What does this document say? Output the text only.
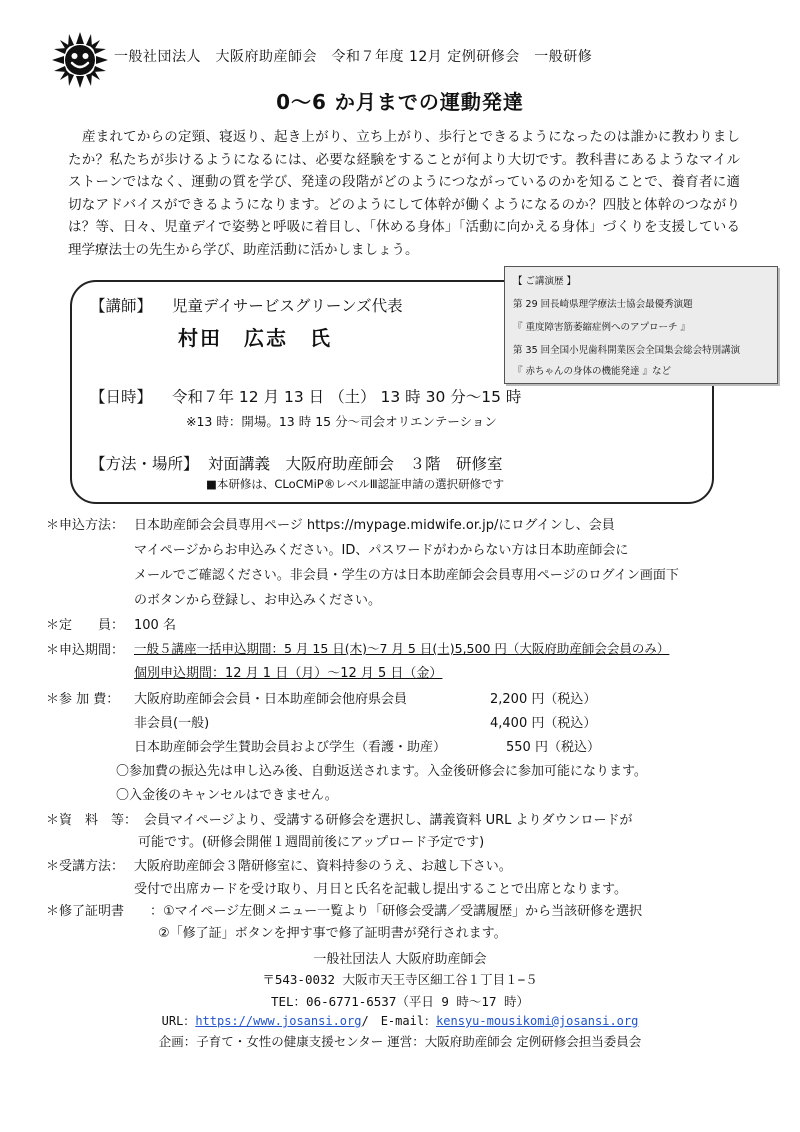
一般社団法人　大阪府助産師会　令和７年度 12月 定例研修会　一般研修
0〜6 か月までの運動発達

産まれてからの定頸、寝返り、起き上がり、立ち上がり、歩行とできるようになったのは誰かに教わりましたか？私たちが歩けるようになるには、必要な経験をすることが何より大切です。教科書にあるようなマイルストーンではなく、運動の質を学び、発達の段階がどのようにつながっているのかを知ることで、養育者に適切なアドバイスができるようになります。どのようにして体幹が働くようになるのか？四肢と体幹のつながりは？等、日々、児童デイで姿勢と呼吸に着目し、「休める身体」「活動に向かえる身体」づくりを支援している理学療法士の先生から学び、助産活動に活かしましょう。

【講師】 児童デイサービスグリーンズ代表
村田　広志　氏
【日時】 令和７年 12 月 13 日 （土） 13 時 30 分〜15 時
※13 時：開場。13 時 15 分〜司会オリエンテーション
【方法・場所】 対面講義　大阪府助産師会　３階　研修室
■本研修は、CLoCMiP®レベルⅢ認証申請の選択研修です
【 ご講演歴 】
第 29 回長崎県理学療法士協会最優秀演題
『 重度障害筋萎縮症例へのアプローチ 』
第 35 回全国小児歯科開業医会全国集会総会特別講演
『 赤ちゃんの身体の機能発達 』など
＊申込方法： 日本助産師会会員専用ページ https://mypage.midwife.or.jp/にログインし、会員
マイページからお申込みください。ID、パスワードがわからない方は日本助産師会に
メールでご確認ください。非会員・学生の方は日本助産師会会員専用ページのログイン画面下
のボタンから登録し、お申込みください。
＊定　　員： 100 名
＊申込期間： 一般５講座一括申込期間：5 月 15 日(木)〜7 月 5 日(土)5,500 円（大阪府助産師会会員のみ）
個別申込期間：12 月 1 日（月）〜12 月 5 日（金）
＊参 加 費： 大阪府助産師会会員・日本助産師会他府県会員	2,200 円（税込）
非会員(一般)	4,400 円（税込）
日本助産師会学生賛助会員および学生（看護・助産）	550 円（税込）
〇参加費の振込先は申し込み後、自動返送されます。入金後研修会に参加可能になります。
〇入金後のキャンセルはできません。
＊資　料　等： 会員マイページより、受講する研修会を選択し、講義資料 URL よりダウンロードが
可能です。(研修会開催１週間前後にアップロード予定です)
＊受講方法： 大阪府助産師会３階研修室に、資料持参のうえ、お越し下さい。
受付で出席カードを受け取り、月日と氏名を記載し提出することで出席となります。
＊修了証明書 ：①マイページ左側メニュー一覧より「研修会受講／受講履歴」から当該研修を選択
②「修了証」ボタンを押す事で修了証明書が発行されます。
一般社団法人 大阪府助産師会
〒543-0032 大阪市天王寺区細工谷１丁目１−５
TEL：06-6771-6537（平日 9 時〜17 時）
URL：https://www.josansi.org/　E-mail：kensyu-mousikomi@josansi.org
企画：子育て・女性の健康支援センター 運営：大阪府助産師会 定例研修会担当委員会
